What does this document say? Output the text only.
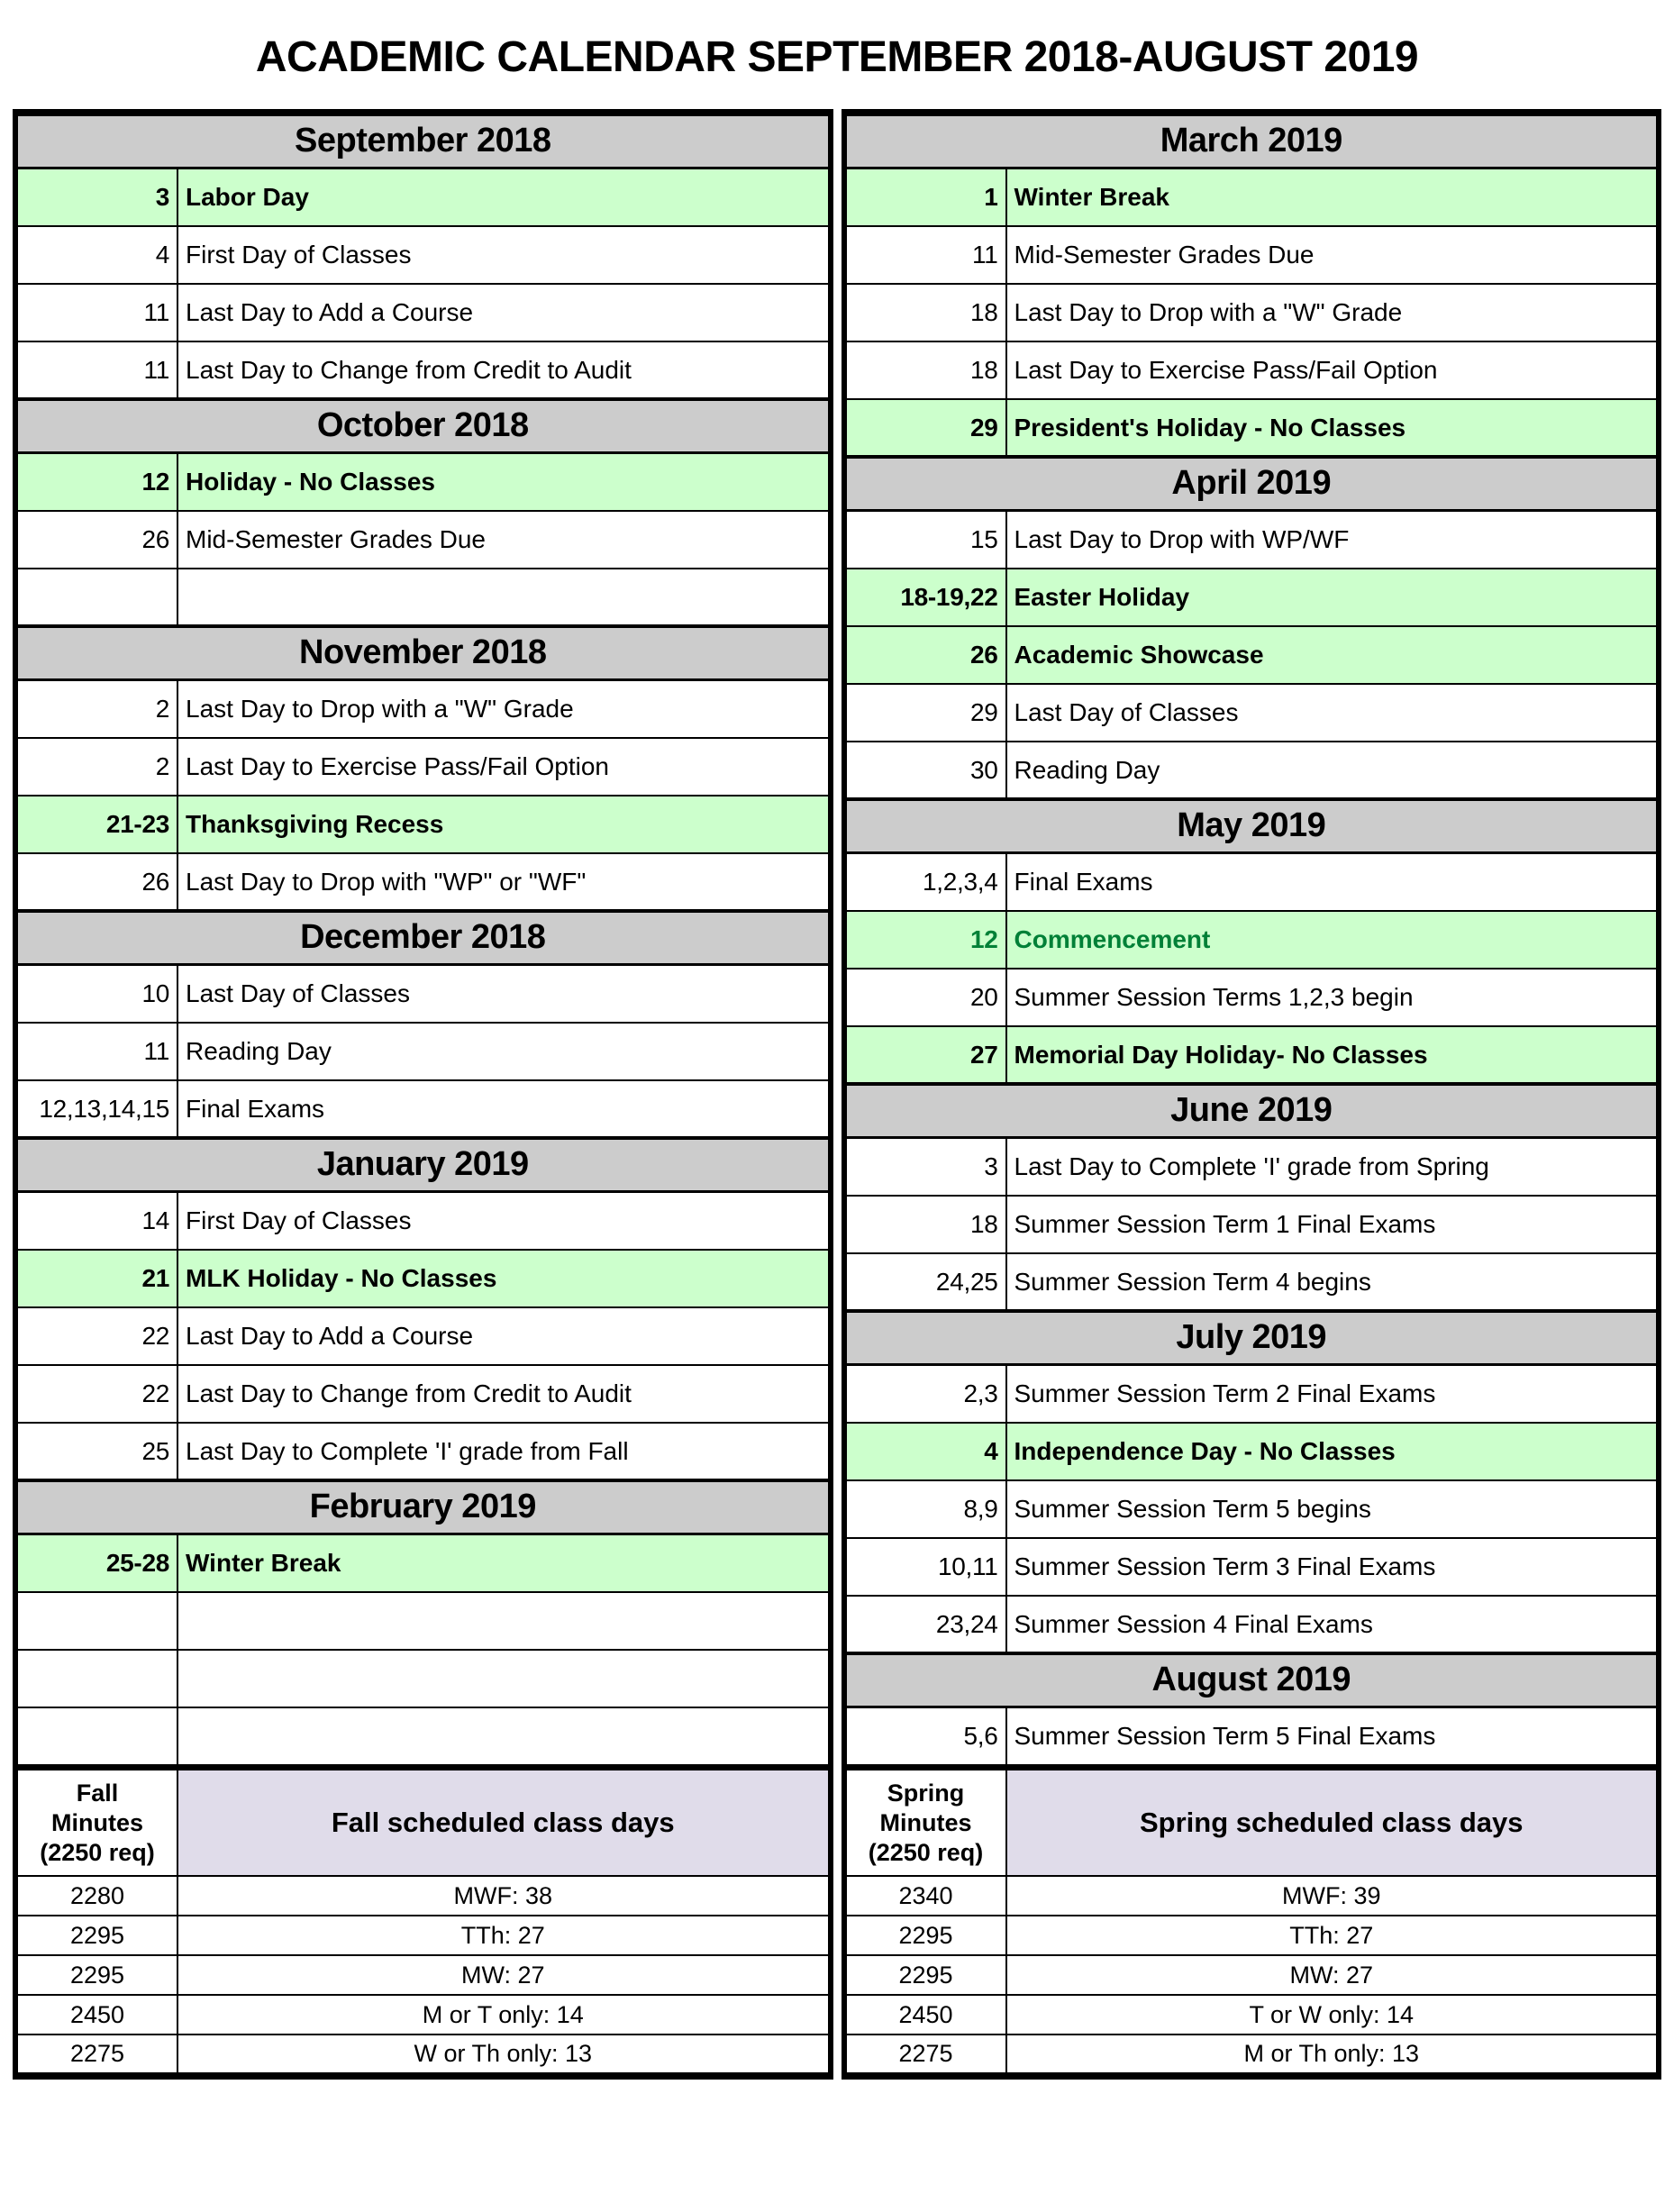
ACADEMIC CALENDAR SEPTEMBER 2018-AUGUST 2019
September 2018	
3	Labor Day
4	First Day of Classes
11	Last Day to Add a Course
11	Last Day to Change from Credit to Audit
October 2018	
12	Holiday - No Classes
26	Mid-Semester Grades Due

November 2018	
2	Last Day to Drop with a "W" Grade
2	Last Day to Exercise Pass/Fail Option
21-23	Thanksgiving Recess
26	Last Day to Drop with "WP" or "WF"
December 2018	
10	Last Day of Classes
11	Reading Day
12,13,14,15	Final Exams
January 2019	
14	First Day of Classes
21	MLK Holiday - No Classes
22	Last Day to Add a Course
22	Last Day to Change from Credit to Audit
25	Last Day to Complete 'I' grade from Fall
February 2019	
25-28	Winter Break

March 2019	
1	Winter Break
11	Mid-Semester Grades Due
18	Last Day to Drop with a "W" Grade
18	Last Day to Exercise Pass/Fail Option
29	President's Holiday - No Classes
April 2019	
15	Last Day to Drop with WP/WF
18-19,22	Easter Holiday
26	Academic Showcase
29	Last Day of Classes
30	Reading Day
May 2019	
1,2,3,4	Final Exams
12	Commencement
20	Summer Session Terms 1,2,3 begin
27	Memorial Day Holiday- No Classes
June 2019	
3	Last Day to Complete 'I' grade from Spring
18	Summer Session Term 1 Final Exams
24,25	Summer Session Term 4 begins
July 2019	
2,3	Summer Session Term 2 Final Exams
4	Independence Day - No Classes
8,9	Summer Session Term 5 begins
10,11	Summer Session Term 3 Final Exams
23,24	Summer Session 4 Final Exams
August 2019	
5,6	Summer Session Term 5 Final Exams
Fall
Minutes
(2250 req)	Fall scheduled class days
2280	MWF: 38
2295	TTh: 27
2295	MW: 27
2450	M or T only: 14
2275	W or Th only: 13
Spring
Minutes
(2250 req)	Spring scheduled class days
2340	MWF: 39
2295	TTh: 27
2295	MW: 27
2450	T or W only: 14
2275	M or Th only: 13
